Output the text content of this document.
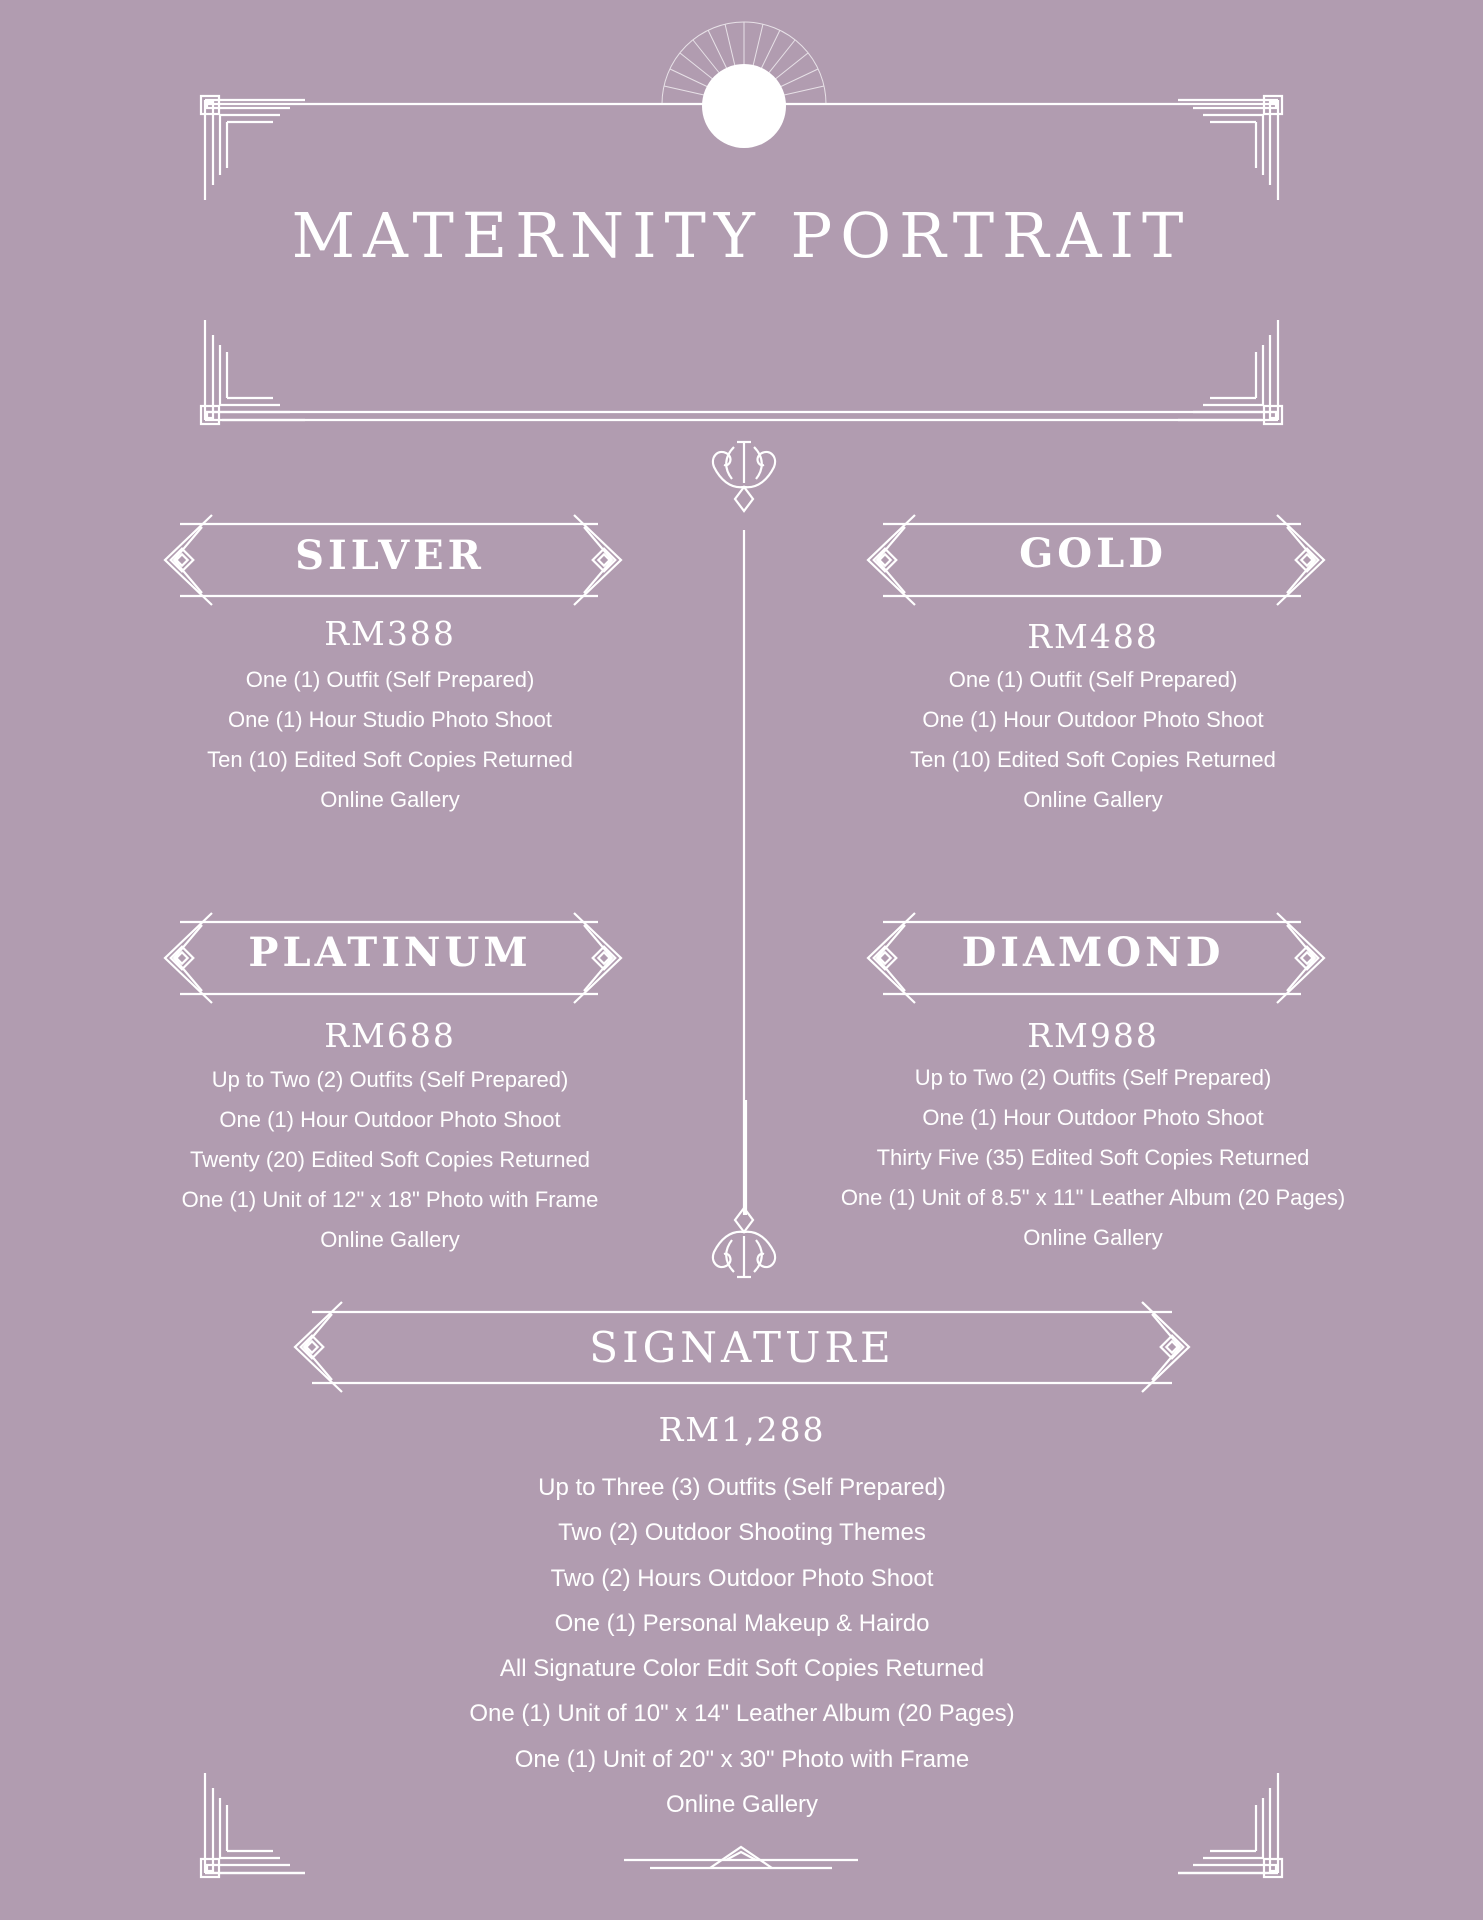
MATERNITY PORTRAIT
SILVER
RM388
One (1) Outfit (Self Prepared)
One (1) Hour Studio Photo Shoot
Ten (10) Edited Soft Copies Returned
Online Gallery
GOLD
RM488
One (1) Outfit (Self Prepared)
One (1) Hour Outdoor Photo Shoot
Ten (10) Edited Soft Copies Returned
Online Gallery
PLATINUM
RM688
Up to Two (2) Outfits (Self Prepared)
One (1) Hour Outdoor Photo Shoot
Twenty (20) Edited Soft Copies Returned
One (1) Unit of 12" x 18" Photo with Frame
Online Gallery
DIAMOND
RM988
Up to Two (2) Outfits (Self Prepared)
One (1) Hour Outdoor Photo Shoot
Thirty Five (35) Edited Soft Copies Returned
One (1) Unit of 8.5" x 11" Leather Album (20 Pages)
Online Gallery
SIGNATURE
RM1,288
Up to Three (3) Outfits (Self Prepared)
Two (2) Outdoor Shooting Themes
Two (2) Hours Outdoor Photo Shoot
One (1) Personal Makeup & Hairdo
All Signature Color Edit Soft Copies Returned
One (1) Unit of 10" x 14" Leather Album (20 Pages)
One (1) Unit of 20" x 30" Photo with Frame
Online Gallery
